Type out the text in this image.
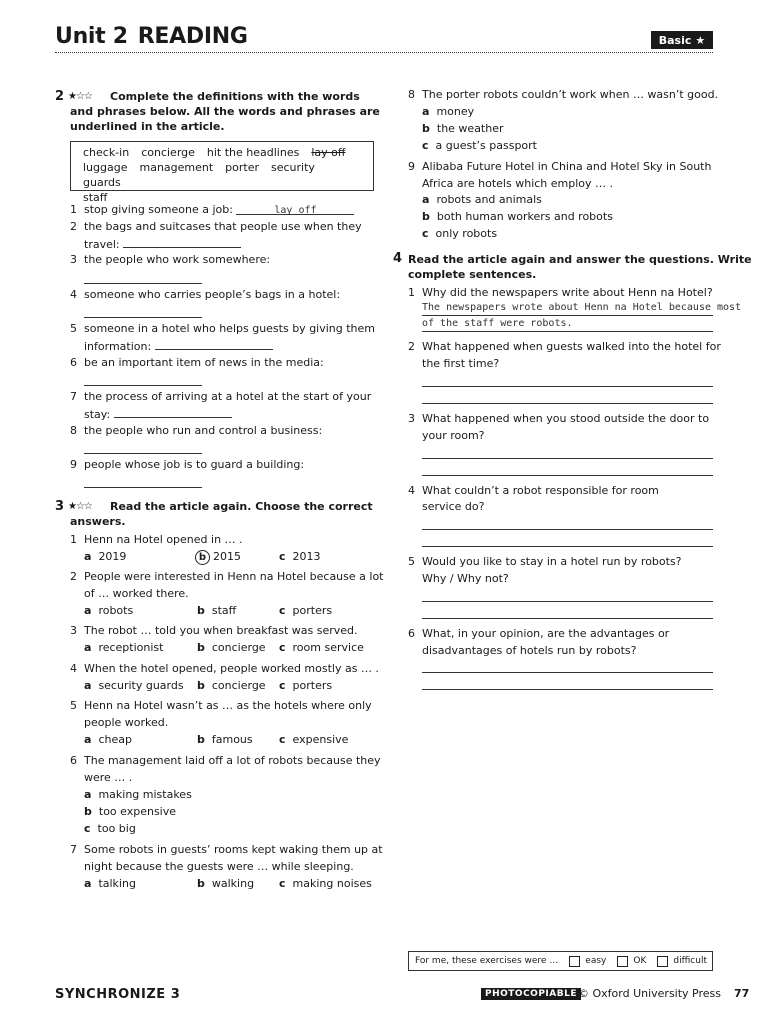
Unit 2 READING	Basic ★
2 ★☆☆ Complete the definitions with the words
and phrases below. All the words and phrases are
underlined in the article.
check-in concierge hit the headlines lay off
luggage management porter security guards
staff
1 stop giving someone a job:	lay off
2 the bags and suitcases that people use when they
travel:
3 the people who work somewhere:
4 someone who carries people’s bags in a hotel:
5 someone in a hotel who helps guests by giving them
information:
6 be an important item of news in the media:
7 the process of arriving at a hotel at the start of your
stay:
8 the people who run and control a business:
9 people whose job is to guard a building:
3 ★☆☆ Read the article again. Choose the correct
answers.
1 Henn na Hotel opened in … .
a 2019	b 2015	c 2013
2 People were interested in Henn na Hotel because a lot
of … worked there.
a robots	b staff	c porters
3 The robot … told you when breakfast was served.
a receptionist	b concierge c room service
4 When the hotel opened, people worked mostly as … .
a security guards b concierge c porters
5 Henn na Hotel wasn’t as … as the hotels where only
people worked.
a cheap	b famous c expensive
6 The management laid off a lot of robots because they
were … .
a making mistakes
b too expensive
c too big
7 Some robots in guests’ rooms kept waking them up at
night because the guests were … while sleeping.
a talking	b walking c making noises
8 The porter robots couldn’t work when … wasn’t good.
a money
b the weather
c a guest’s passport
9 Alibaba Future Hotel in China and Hotel Sky in South
Africa are hotels which employ … .
a robots and animals
b both human workers and robots
c only robots
4 Read the article again and answer the questions. Write
complete sentences.
1 Why did the newspapers write about Henn na Hotel?
The newspapers wrote about Henn na Hotel because most
of the staff were robots.
2 What happened when guests walked into the hotel for
the first time?
3 What happened when you stood outside the door to
your room?
4 What couldn’t a robot responsible for room
service do?
5 Would you like to stay in a hotel run by robots?
Why / Why not?
6 What, in your opinion, are the advantages or
disadvantages of hotels run by robots?
For me, these exercises were …	easy	OK	difficult
SYNCHRONIZE 3	PHOTOCOPIABLE © Oxford University Press 77
